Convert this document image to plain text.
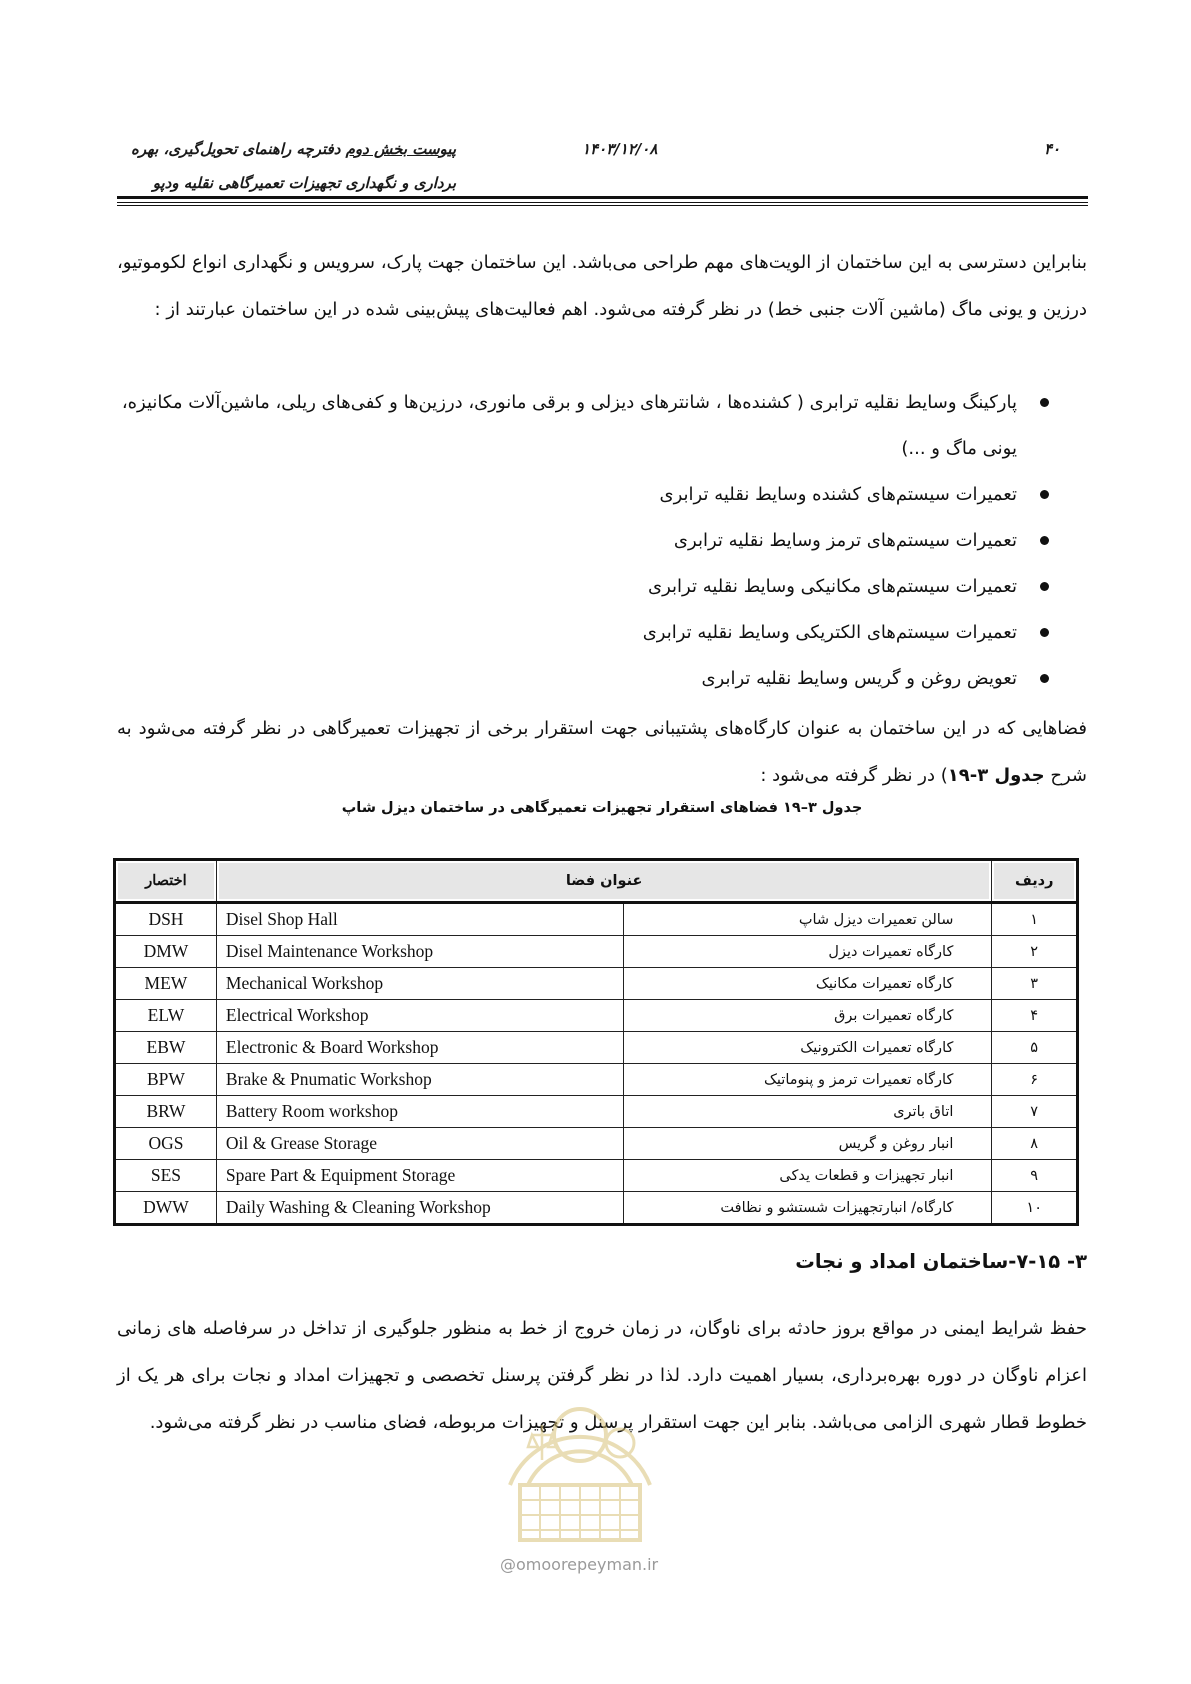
پیوست بخش دوم دفترچه راهنمای تحویل‌گیری، بهره
برداری و نگهداری تجهیزات تعمیرگاهی نقلیه ودپو
۱۴۰۳/۱۲/۰۸	۴۰

بنابراین دسترسی به این ساختمان از الویت‌های مهم طراحی می‌باشد. این ساختمان جهت پارک، سرویس و نگهداری انواع لکوموتیو، درزین و یونی ماگ (ماشین آلات جنبی خط) در نظر گرفته می‌شود. اهم فعالیت‌های پیش‌بینی شده در این ساختمان عبارتند از :

پارکینگ وسایط نقلیه ترابری ( کشنده‌ها ، شانترهای دیزلی و برقی مانوری، درزین‌ها و کفی‌های ریلی، ماشین‌آلات مکانیزه، یونی ماگ و ...)
تعمیرات سیستم‌های کشنده وسایط نقلیه ترابری
تعمیرات سیستم‌های ترمز وسایط نقلیه ترابری
تعمیرات سیستم‌های مکانیکی وسایط نقلیه ترابری
تعمیرات سیستم‌های الکتریکی وسایط نقلیه ترابری
تعویض روغن و گریس وسایط نقلیه ترابری

فضاهایی که در این ساختمان به عنوان کارگاه‌های پشتیبانی جهت استقرار برخی از تجهیزات تعمیرگاهی در نظر گرفته می‌شود به شرح جدول ۳-۱۹) در نظر گرفته می‌شود :

جدول ۳–۱۹ فضاهای استقرار تجهیزات تعمیرگاهی در ساختمان دیزل شاپ
اختصار	عنوان فضا		ردیف
DSH	Disel Shop Hall	سالن تعمیرات دیزل شاپ	۱
DMW	Disel Maintenance Workshop	کارگاه تعمیرات دیزل	۲
MEW	Mechanical Workshop	کارگاه تعمیرات مکانیک	۳
ELW	Electrical Workshop	کارگاه تعمیرات برق	۴
EBW	Electronic & Board Workshop	کارگاه تعمیرات الکترونیک	۵
BPW	Brake & Pnumatic Workshop	کارگاه تعمیرات ترمز و پنوماتیک	۶
BRW	Battery Room workshop	اتاق باتری	۷
OGS	Oil & Grease Storage	انبار روغن و گریس	۸
SES	Spare Part & Equipment Storage	انبار تجهیزات و قطعات یدکی	۹
DWW	Daily Washing & Cleaning Workshop	کارگاه/ انبارتجهیزات شستشو و نظافت	۱۰
۳- ۷-۱۵-ساختمان امداد و نجات

حفظ شرایط ایمنی در مواقع بروز حادثه برای ناوگان، در زمان خروج از خط به منظور جلوگیری از تداخل در سرفاصله های زمانی اعزام ناوگان در دوره بهره‌برداری، بسیار اهمیت دارد. لذا در نظر گرفتن پرسنل تخصصی و تجهیزات امداد و نجات برای هر یک از خطوط قطار شهری الزامی می‌باشد. بنابر این جهت استقرار پرسنل و تجهیزات مربوطه، فضای مناسب در نظر گرفته می‌شود.

@omoorepeyman.ir
